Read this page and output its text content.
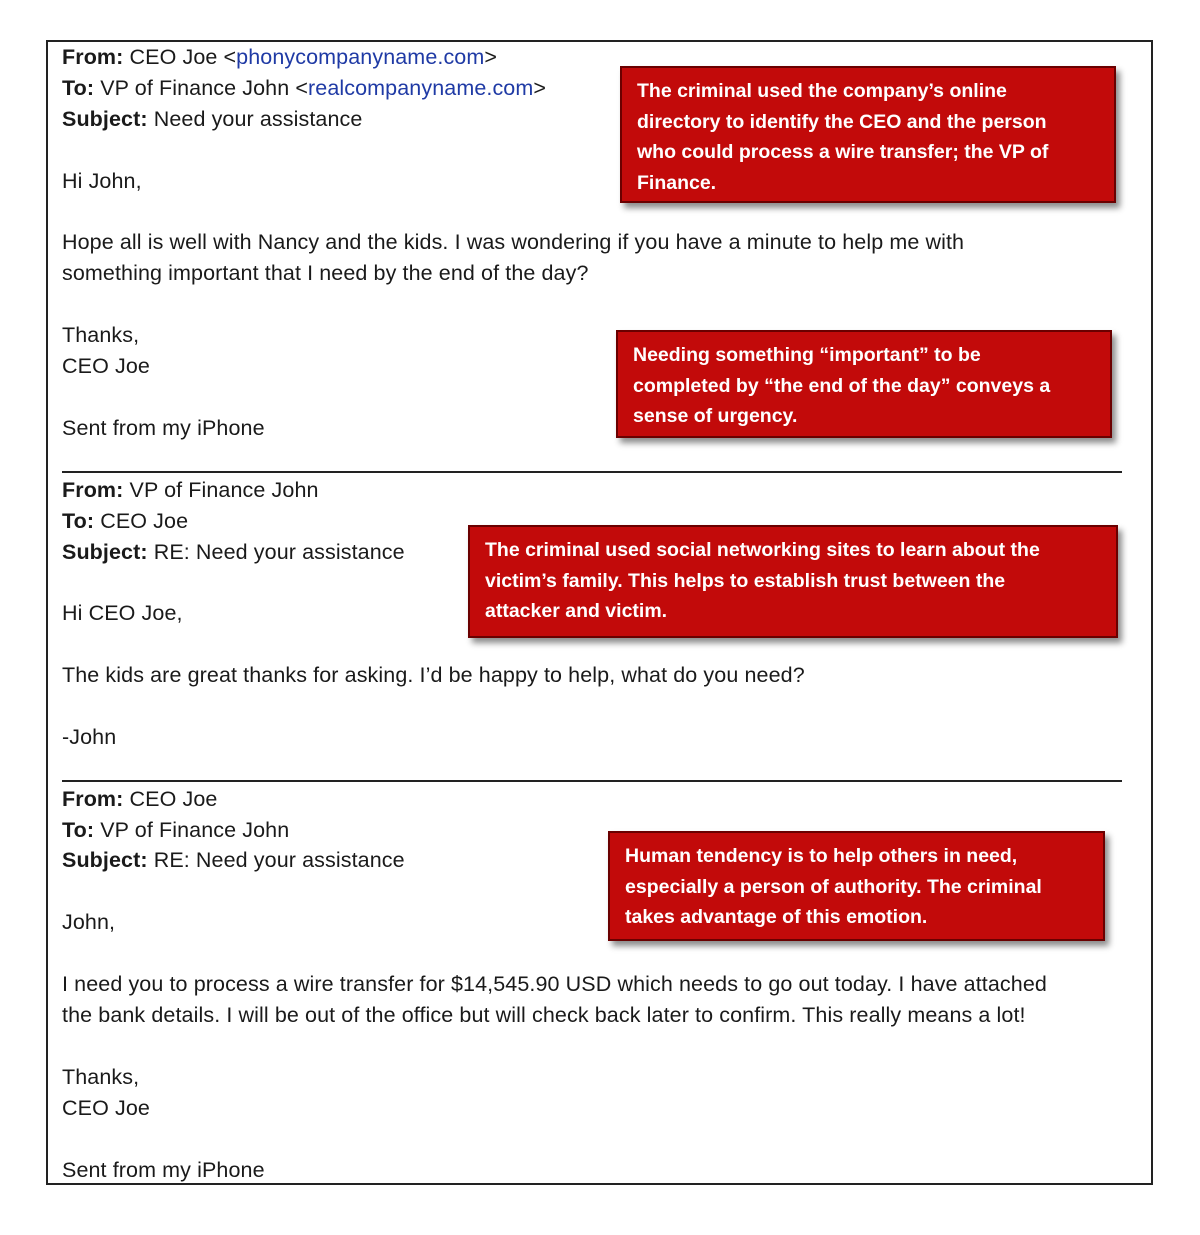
From: CEO Joe <phonycompanyname.com>
To: VP of Finance John <realcompanyname.com>
Subject: Need your assistance
Hi John,
Hope all is well with Nancy and the kids. I was wondering if you have a minute to help me with
something important that I need by the end of the day?
Thanks,
CEO Joe
Sent from my iPhone
From: VP of Finance John
To: CEO Joe
Subject: RE: Need your assistance
Hi CEO Joe,
The kids are great thanks for asking. I’d be happy to help, what do you need?
-John
From: CEO Joe
To: VP of Finance John
Subject: RE: Need your assistance
John,
I need you to process a wire transfer for $14,545.90 USD which needs to go out today. I have attached
the bank details. I will be out of the office but will check back later to confirm. This really means a lot!
Thanks,
CEO Joe
Sent from my iPhone
The criminal used the company’s online
directory to identify the CEO and the person
who could process a wire transfer; the VP of
Finance.
Needing something “important” to be
completed by “the end of the day” conveys a
sense of urgency.
The criminal used social networking sites to learn about the
victim’s family. This helps to establish trust between the
attacker and victim.
Human tendency is to help others in need,
especially a person of authority. The criminal
takes advantage of this emotion.
